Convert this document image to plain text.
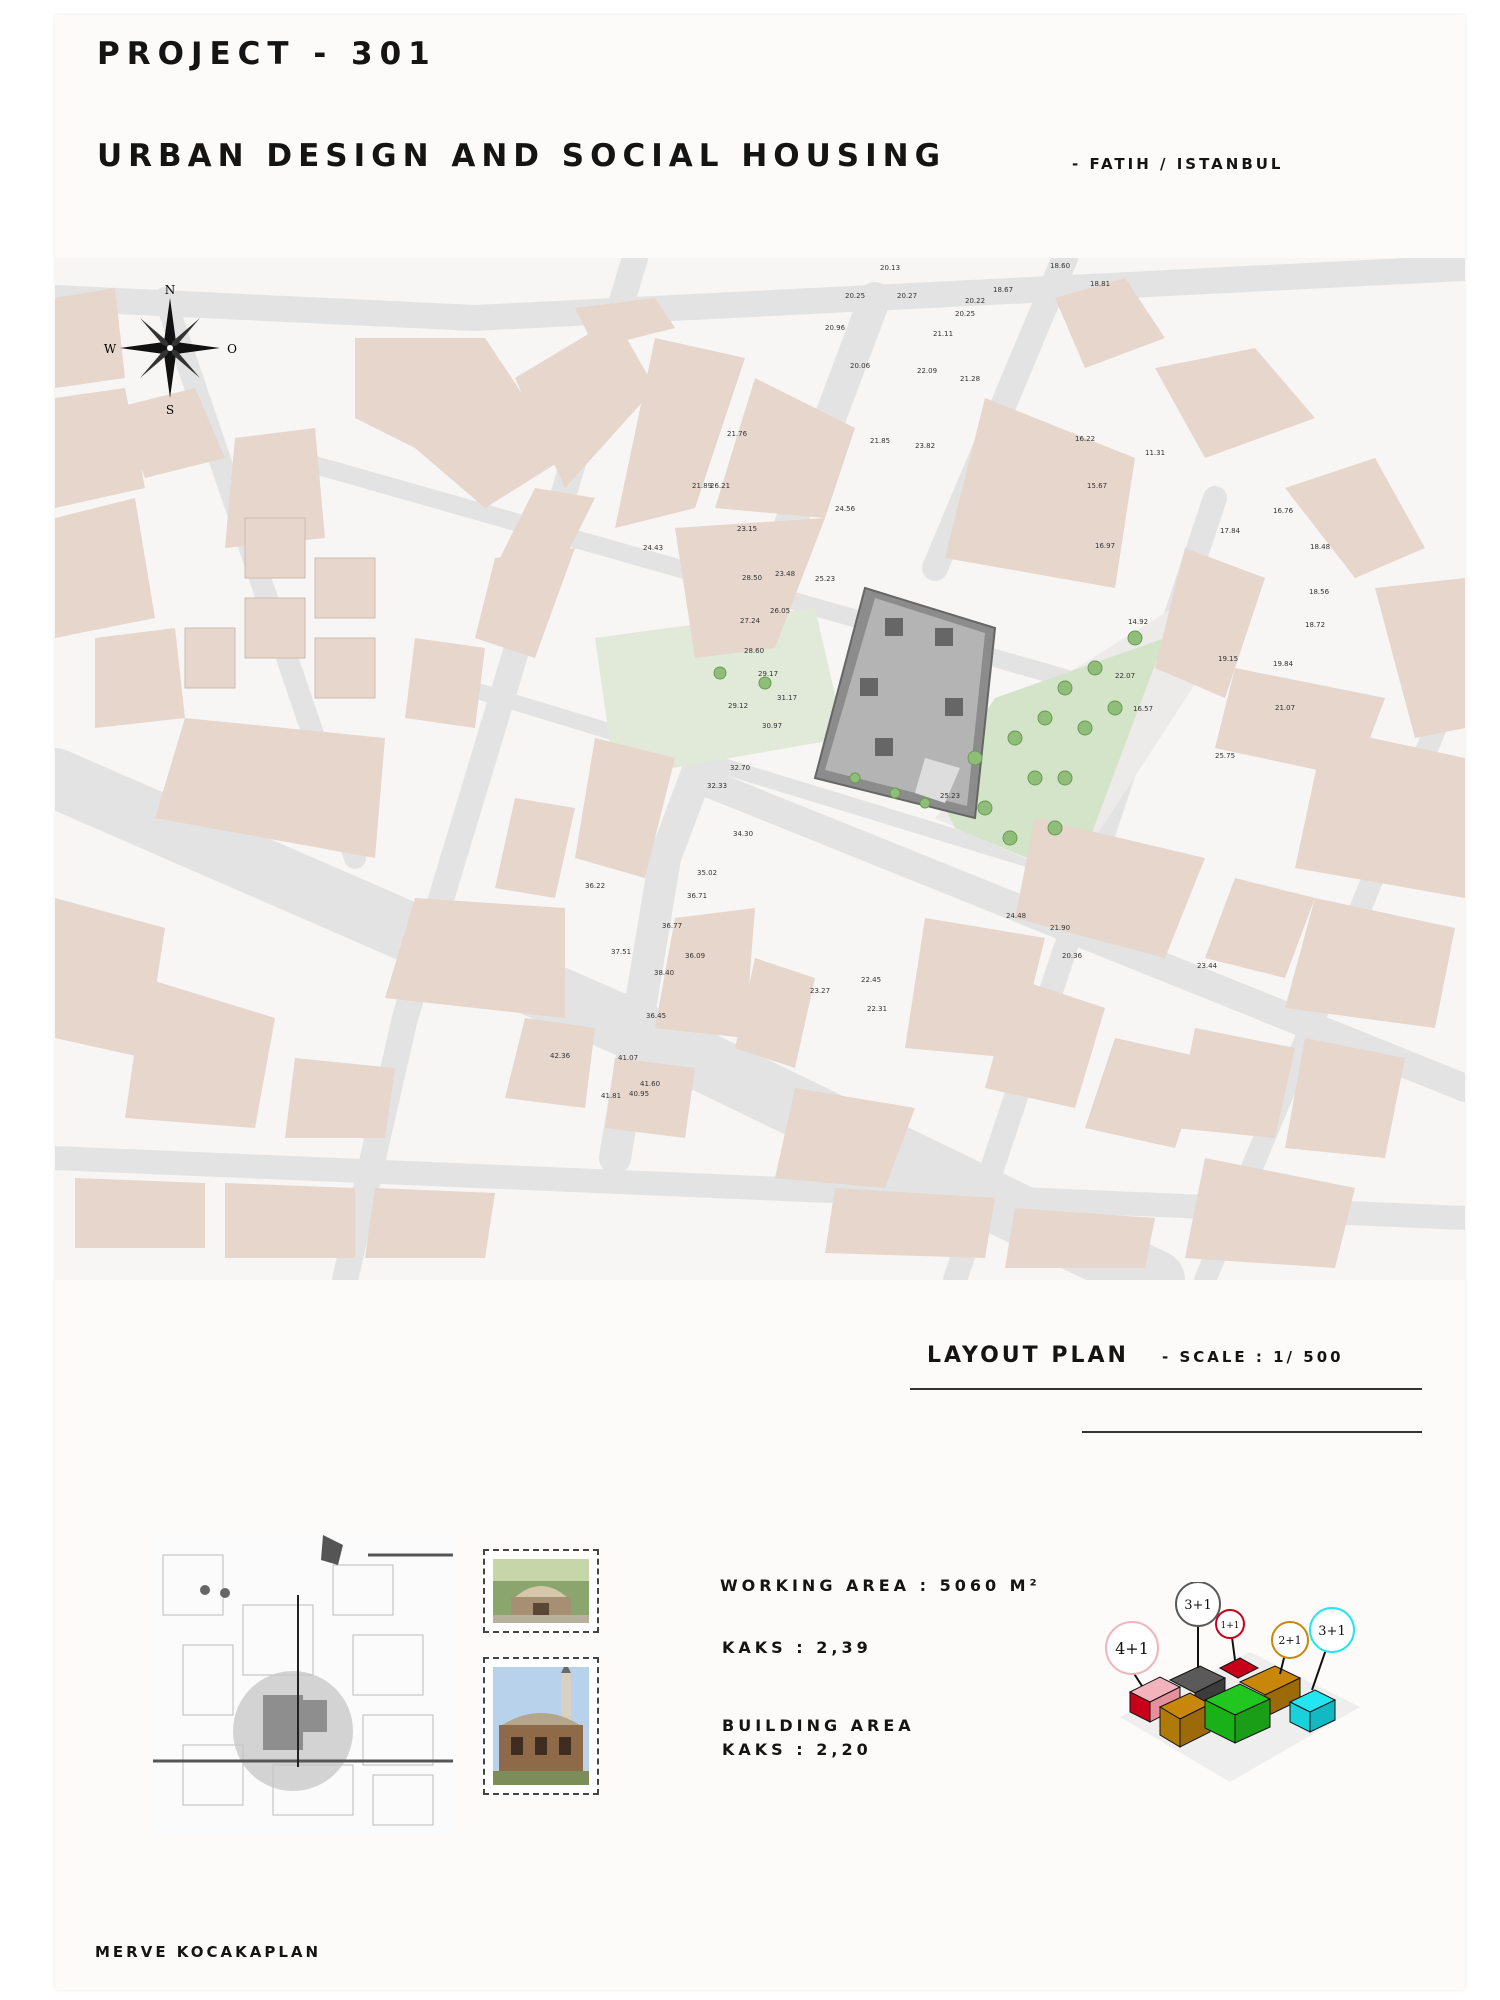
PROJECT - 301
URBAN DESIGN AND SOCIAL HOUSING	- FATIH / ISTANBUL
N
S
W	O
20.13	18.60
18.81
20.25	20.27
18.67
20.22
20.25
20.96
21.11
20.06
22.09
21.28
21.76
23.82
21.85
21.89
26.21
24.56
23.15
24.43
23.48
28.50	25.23
26.05
27.24
28.60
29.17
29.12
31.17
30.97
32.70
32.33
34.30
35.02
36.71
36.22
36.77
36.09
37.51
38.40
36.45
42.36	41.07
41.81 40.95
41.60
16.22
15.67
11.31
16.97
17.84
16.76
18.48
18.56
18.72
14.92
19.15
19.84
22.07
21.07
16.57
25.75
25.23
24.48
21.90
23.44
20.36
22.31
23.27
22.45
LAYOUT PLAN - SCALE : 1/ 500
WORKING AREA : 5060 M²
KAKS : 2,39
BUILDING AREA
KAKS : 2,20
4+1
3+1
1+1
2+1
3+1
MERVE KOCAKAPLAN
